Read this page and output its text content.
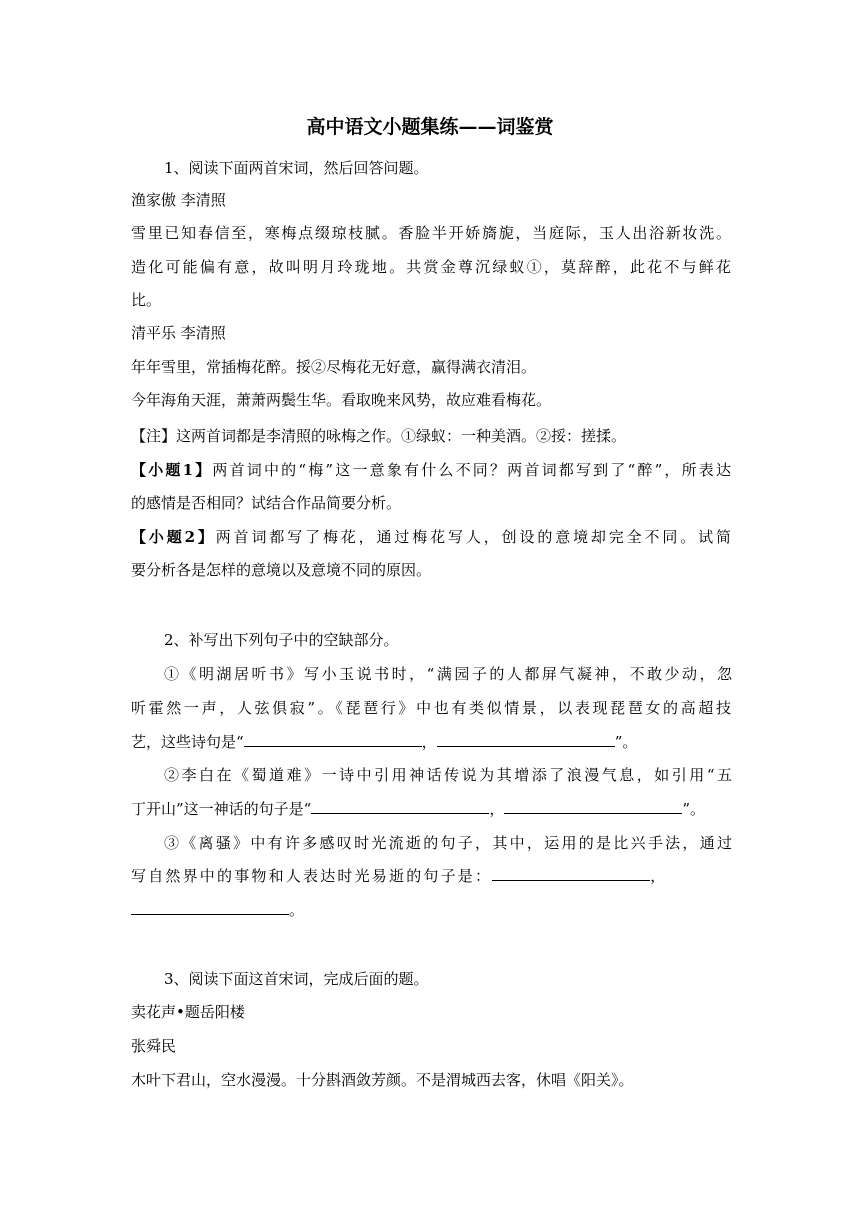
高中语文小题集练——词鉴赏
1、阅读下面两首宋词，然后回答问题。
渔家傲 李清照
雪里已知春信至，寒梅点缀琼枝腻。香脸半开娇旖旎，当庭际，玉人出浴新妆洗。
造化可能偏有意，故叫明月玲珑地。共赏金尊沉绿蚁①，莫辞醉，此花不与鲜花
比。
清平乐 李清照
年年雪里，常插梅花醉。挼②尽梅花无好意，赢得满衣清泪。
今年海角天涯，萧萧两鬓生华。看取晚来风势，故应难看梅花。
【注】这两首词都是李清照的咏梅之作。①绿蚁：一种美酒。②挼：搓揉。
【小题1】两首词中的“梅”这一意象有什么不同？两首词都写到了“醉”，所表达
的感情是否相同？试结合作品简要分析。
【小题2】两首词都写了梅花，通过梅花写人，创设的意境却完全不同。试简
要分析各是怎样的意境以及意境不同的原因。
2、补写出下列句子中的空缺部分。
①《明湖居听书》写小玉说书时，“满园子的人都屏气凝神，不敢少动，忽
听霍然一声，人弦俱寂”。《琵琶行》中也有类似情景，以表现琵琶女的高超技
艺，这些诗句是“	，	”。
②李白在《蜀道难》一诗中引用神话传说为其增添了浪漫气息，如引用“五
丁开山”这一神话的句子是“	，	”。
③《离骚》中有许多感叹时光流逝的句子，其中，运用的是比兴手法，通过
写自然界中的事物和人表达时光易逝的句子是：	，
。
3、阅读下面这首宋词，完成后面的题。
卖花声•题岳阳楼
张舜民
木叶下君山，空水漫漫。十分斟酒敛芳颜。不是渭城西去客，休唱《阳关》。
